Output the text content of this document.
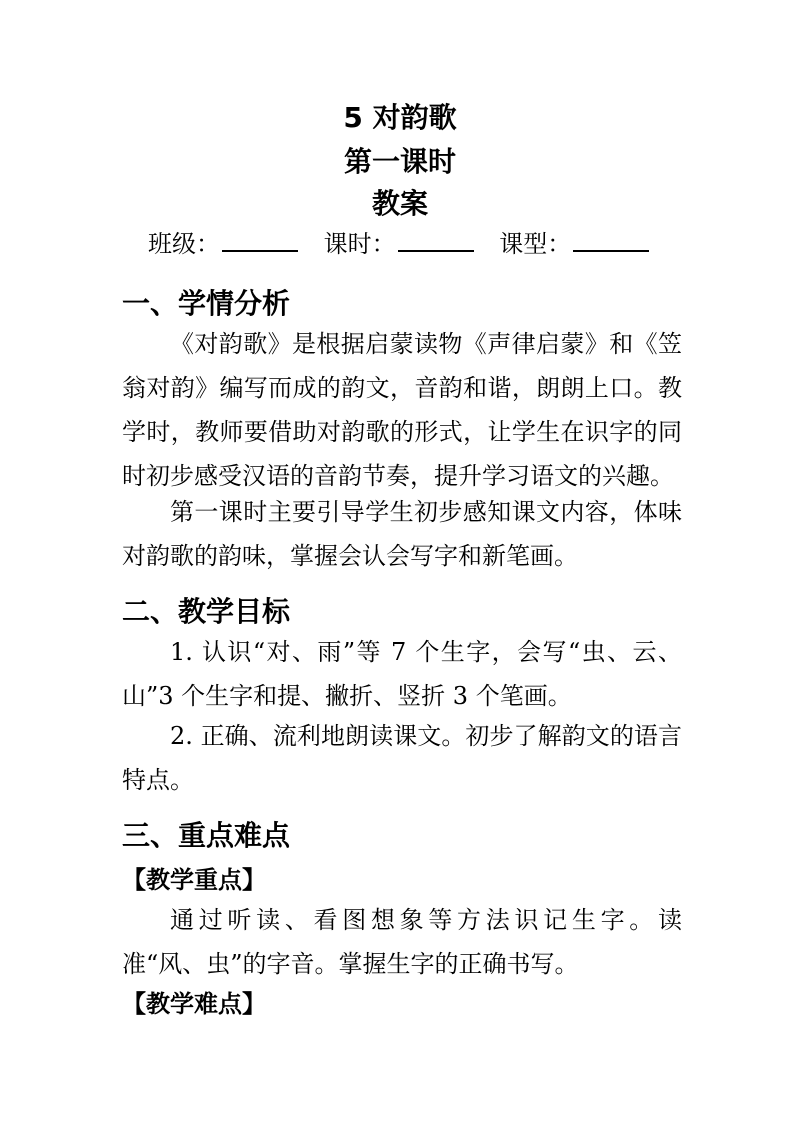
5 对韵歌
第一课时
教案
班级：	课时：	课型：
一、学情分析

《对韵歌》是根据启蒙读物《声律启蒙》和《笠翁对韵》编写而成的韵文，音韵和谐，朗朗上口。教学时，教师要借助对韵歌的形式，让学生在识字的同时初步感受汉语的音韵节奏，提升学习语文的兴趣。

第一课时主要引导学生初步感知课文内容，体味对韵歌的韵味，掌握会认会写字和新笔画。

二、教学目标

1. 认识“对、雨”等 7 个生字，会写“虫、云、山”3 个生字和提、撇折、竖折 3 个笔画。

2. 正确、流利地朗读课文。初步了解韵文的语言特点。

三、重点难点
【教学重点】

通过听读、看图想象等方法识记生字。读准“风、虫”的字音。掌握生字的正确书写。

【教学难点】
